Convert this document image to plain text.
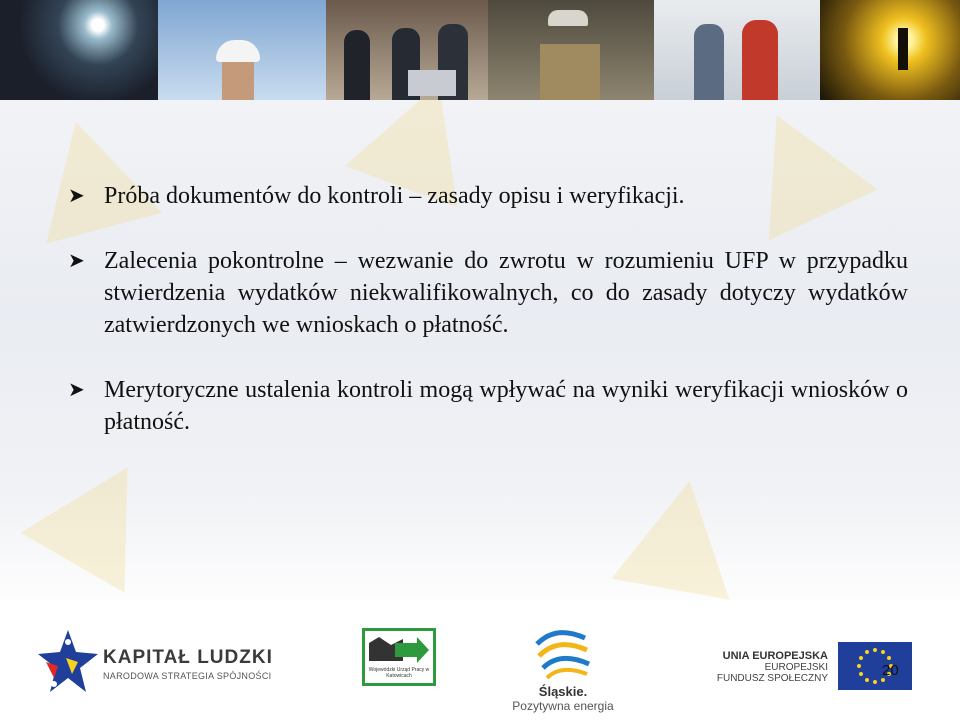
➤ Próba dokumentów do kontroli – zasady opisu i weryfikacji.
➤ Zalecenia pokontrolne – wezwanie do zwrotu w rozumieniu UFP w przypadku stwierdzenia wydatków niekwalifikowalnych, co do zasady dotyczy wydatków zatwierdzonych we wnioskach o płatność.
➤ Merytoryczne ustalenia kontroli mogą wpływać na wyniki weryfikacji wniosków o płatność.
KAPITAŁ LUDZKI
NARODOWA STRATEGIA SPÓJNOŚCI
Wojewódzki Urząd Pracy w Katowicach
Śląskie.
Pozytywna energia
UNIA EUROPEJSKA
EUROPEJSKI
FUNDUSZ SPOŁECZNY	20
